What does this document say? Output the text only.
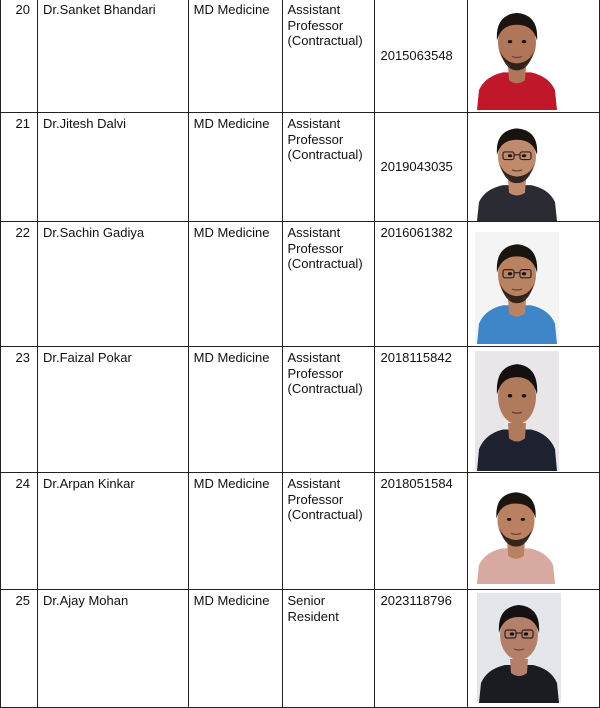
20	Dr.Sanket Bhandari	MD Medicine	Assistant
Professor
(Contractual)	2015063548	

21	Dr.Jitesh Dalvi	MD Medicine	Assistant
Professor
(Contractual)	2019043035	

22	Dr.Sachin Gadiya	MD Medicine	Assistant
Professor
(Contractual)	2016061382	

23	Dr.Faizal Pokar	MD Medicine	Assistant
Professor
(Contractual)	2018115842	

24	Dr.Arpan Kinkar	MD Medicine	Assistant
Professor
(Contractual)	2018051584	

25	Dr.Ajay Mohan	MD Medicine	Senior
Resident	2023118796	
